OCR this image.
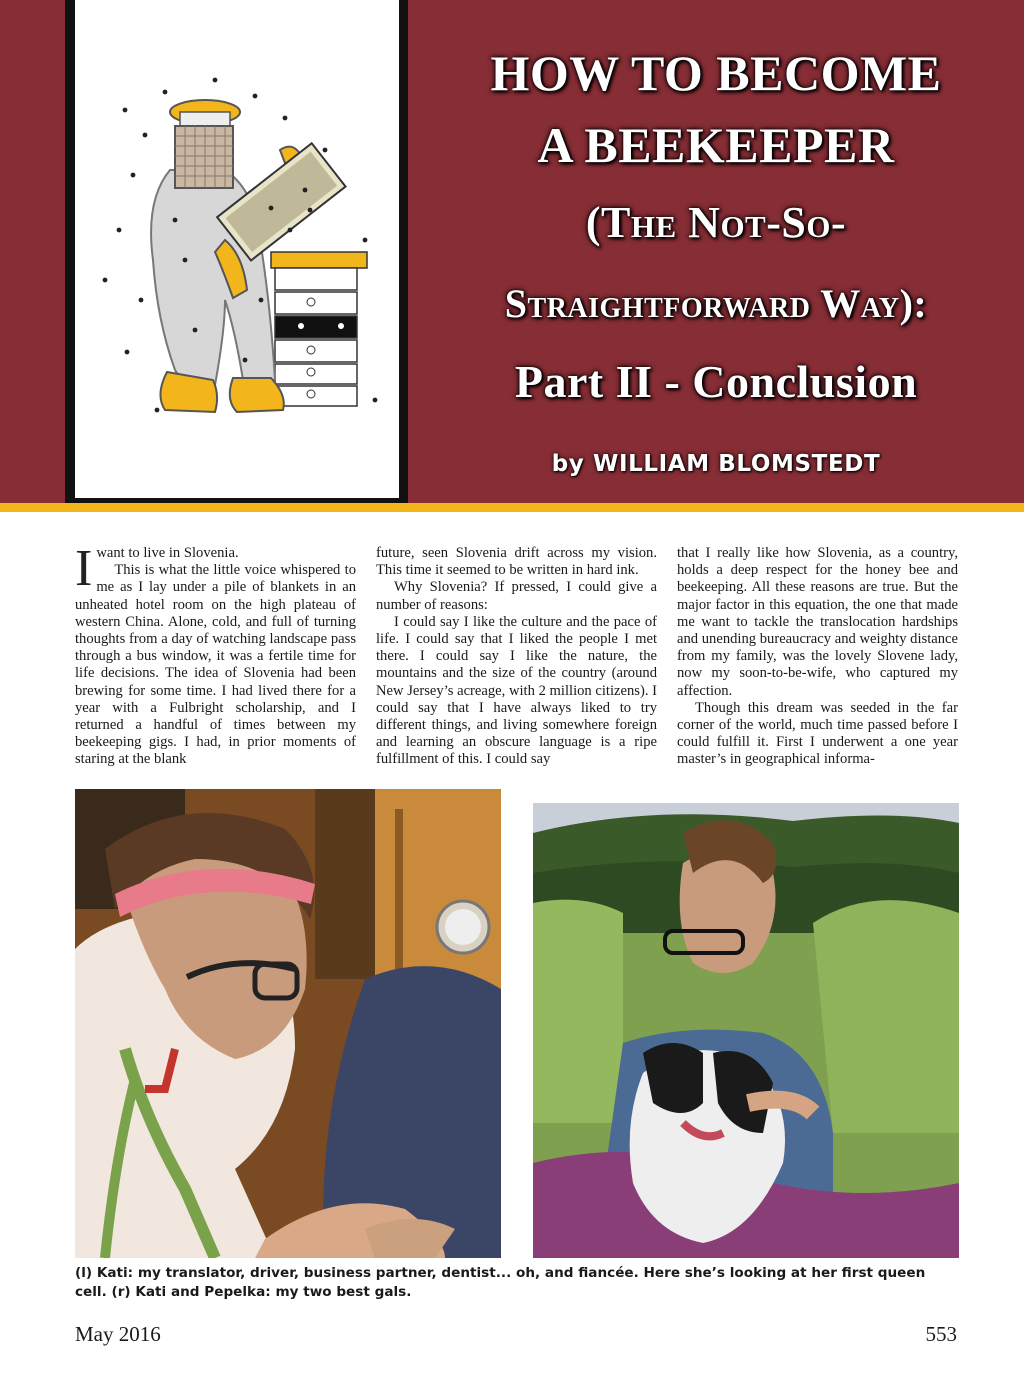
HOW TO BECOME
A BEEKEEPER
(The Not-So-
Straightforward Way):
Part II - Conclusion
by WILLIAM BLOMSTEDT

I want to live in Slovenia.

This is what the little voice whispered to me as I lay under a pile of blankets in an unheated hotel room on the high plateau of western China. Alone, cold, and full of turning thoughts from a day of watching landscape pass through a bus window, it was a fertile time for life decisions. The idea of Slovenia had been brewing for some time. I had lived there for a year with a Fulbright scholarship, and I returned a handful of times between my beekeeping gigs. I had, in prior moments of staring at the blank

future, seen Slovenia drift across my vision. This time it seemed to be written in hard ink.

Why Slovenia? If pressed, I could give a number of reasons:

I could say I like the culture and the pace of life. I could say that I liked the people I met there. I could say I like the nature, the mountains and the size of the country (around New Jersey’s acreage, with 2 million citizens). I could say that I have always liked to try different things, and living somewhere foreign and learning an obscure language is a ripe fulfillment of this. I could say

that I really like how Slovenia, as a country, holds a deep respect for the honey bee and beekeeping. All these reasons are true. But the major factor in this equation, the one that made me want to tackle the translocation hardships and unending bureaucracy and weighty distance from my family, was the lovely Slovene lady, now my soon-to-be-wife, who captured my affection.

Though this dream was seeded in the far corner of the world, much time passed before I could fulfill it. First I underwent a one year master’s in geographical informa-

(l) Kati: my translator, driver, business partner, dentist... oh, and fiancée. Here she’s looking at her first queen cell. (r) Kati and Pepelka: my two best gals.
May 2016	553
